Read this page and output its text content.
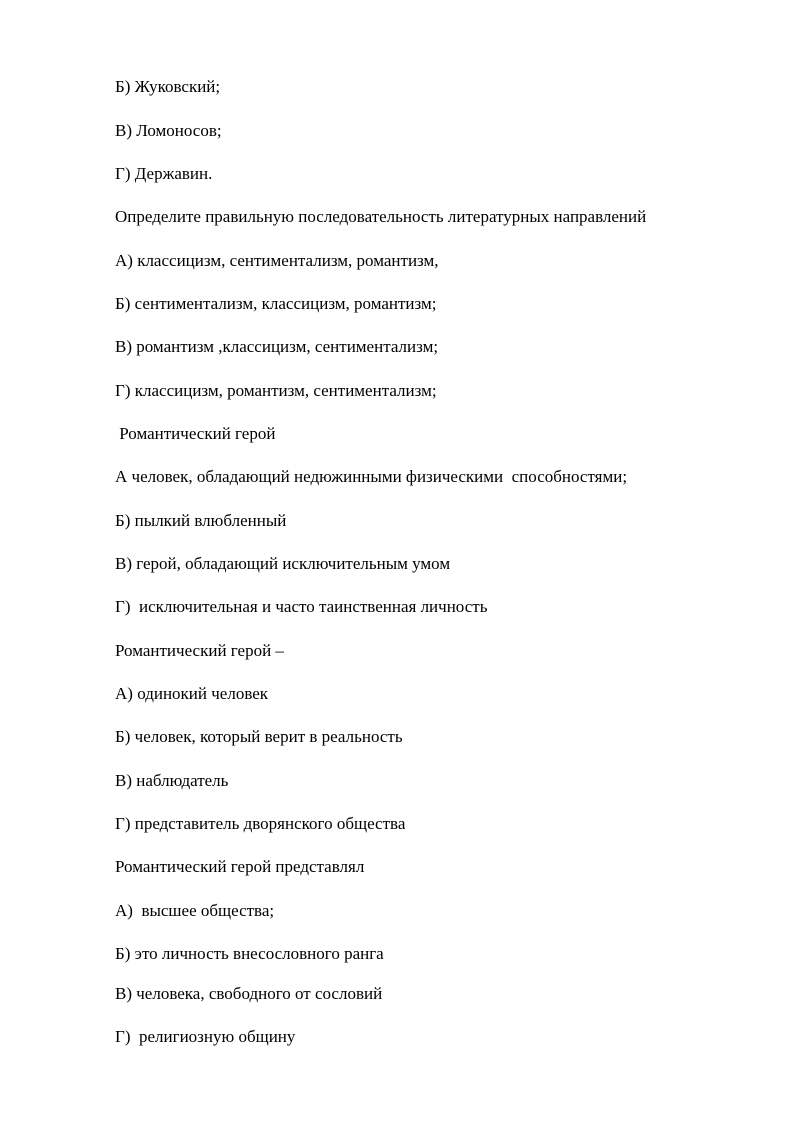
Б) Жуковский;

В) Ломоносов;

Г) Державин.

Определите правильную последовательность литературных направлений

А) классицизм, сентиментализм, романтизм,

Б) сентиментализм, классицизм, романтизм;

В) романтизм ,классицизм, сентиментализм;

Г) классицизм, романтизм, сентиментализм;

Романтический герой

А человек, обладающий недюжинными физическими  способностями;

Б) пылкий влюбленный

В) герой, обладающий исключительным умом

Г)  исключительная и часто таинственная личность

Романтический герой –

А) одинокий человек

Б) человек, который верит в реальность

В) наблюдатель

Г) представитель дворянского общества

Романтический герой представлял

А)  высшее общества;

Б) это личность внесословного ранга

В) человека, свободного от сословий

Г)  религиозную общину
